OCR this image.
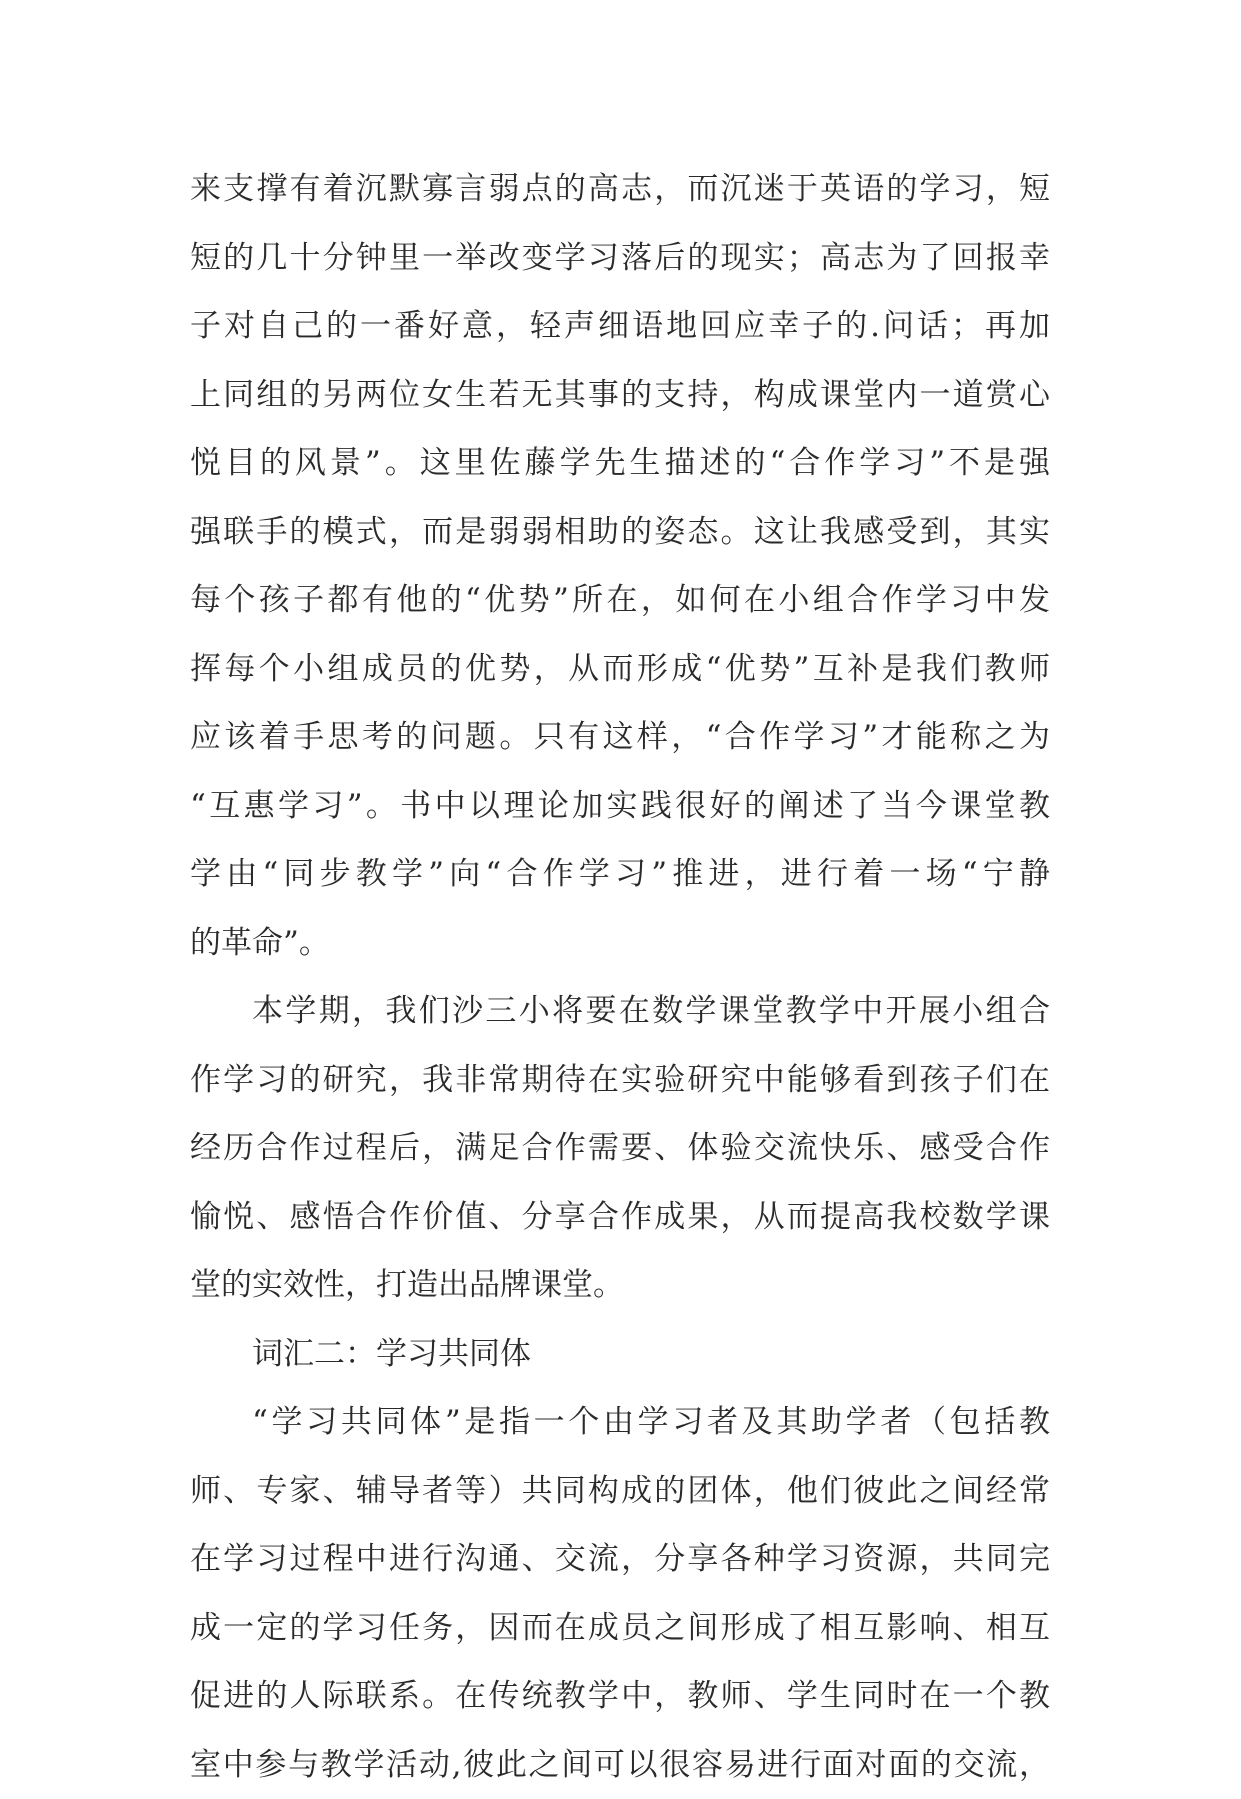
来支撑有着沉默寡言弱点的高志，而沉迷于英语的学习，短
短的几十分钟里一举改变学习落后的现实；高志为了回报幸
子对自己的一番好意，轻声细语地回应幸子的.问话；再加
上同组的另两位女生若无其事的支持，构成课堂内一道赏心
悦目的风景”。这里佐藤学先生描述的“合作学习”不是强
强联手的模式，而是弱弱相助的姿态。这让我感受到，其实
每个孩子都有他的“优势”所在，如何在小组合作学习中发
挥每个小组成员的优势，从而形成“优势”互补是我们教师
应该着手思考的问题。只有这样，“合作学习”才能称之为
“互惠学习”。书中以理论加实践很好的阐述了当今课堂教
学由“同步教学”向“合作学习”推进，进行着一场“宁静
的革命”。
本学期，我们沙三小将要在数学课堂教学中开展小组合
作学习的研究，我非常期待在实验研究中能够看到孩子们在
经历合作过程后，满足合作需要、体验交流快乐、感受合作
愉悦、感悟合作价值、分享合作成果，从而提高我校数学课
堂的实效性，打造出品牌课堂。
词汇二：学习共同体
“学习共同体”是指一个由学习者及其助学者（包括教
师、专家、辅导者等）共同构成的团体，他们彼此之间经常
在学习过程中进行沟通、交流，分享各种学习资源，共同完
成一定的学习任务，因而在成员之间形成了相互影响、相互
促进的人际联系。在传统教学中，教师、学生同时在一个教
室中参与教学活动,彼此之间可以很容易进行面对面的交流，
